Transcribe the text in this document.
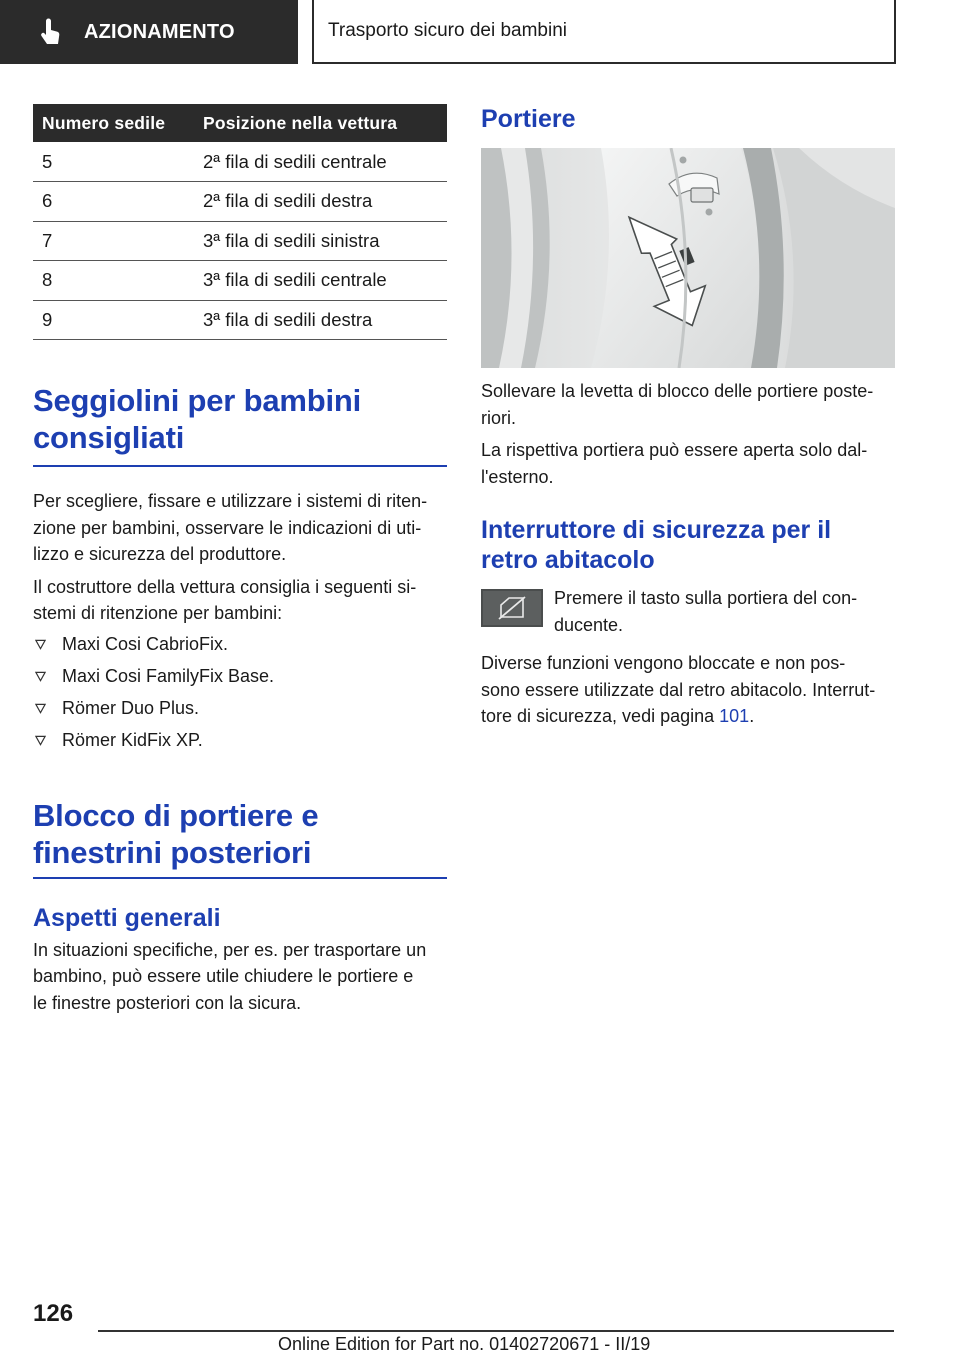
AZIONAMENTO	Trasporto sicuro dei bambini
Numero sedile	Posizione nella vettura
5	2ª fila di sedili centrale
6	2ª fila di sedili destra
7	3ª fila di sedili sinistra
8	3ª fila di sedili centrale
9	3ª fila di sedili destra
Seggiolini per bambini
consigliati

Per scegliere, fissare e utilizzare i sistemi di riten-
zione per bambini, osservare le indicazioni di uti-
lizzo e sicurezza del produttore.

Il costruttore della vettura consiglia i seguenti si-
stemi di ritenzione per bambini:

Maxi Cosi CabrioFix.
Maxi Cosi FamilyFix Base.
Römer Duo Plus.
Römer KidFix XP.
Blocco di portiere e
finestrini posteriori
Aspetti generali

In situazioni specifiche, per es. per trasportare un
bambino, può essere utile chiudere le portiere e
le finestre posteriori con la sicura.

Portiere

Sollevare la levetta di blocco delle portiere poste-
riori.

La rispettiva portiera può essere aperta solo dal-
l'esterno.

Interruttore di sicurezza per il
retro abitacolo

Premere il tasto sulla portiera del con-
ducente.

Diverse funzioni vengono bloccate e non pos-
sono essere utilizzate dal retro abitacolo. Interrut-
tore di sicurezza, vedi pagina 101.

126
Online Edition for Part no. 01402720671 - II/19
